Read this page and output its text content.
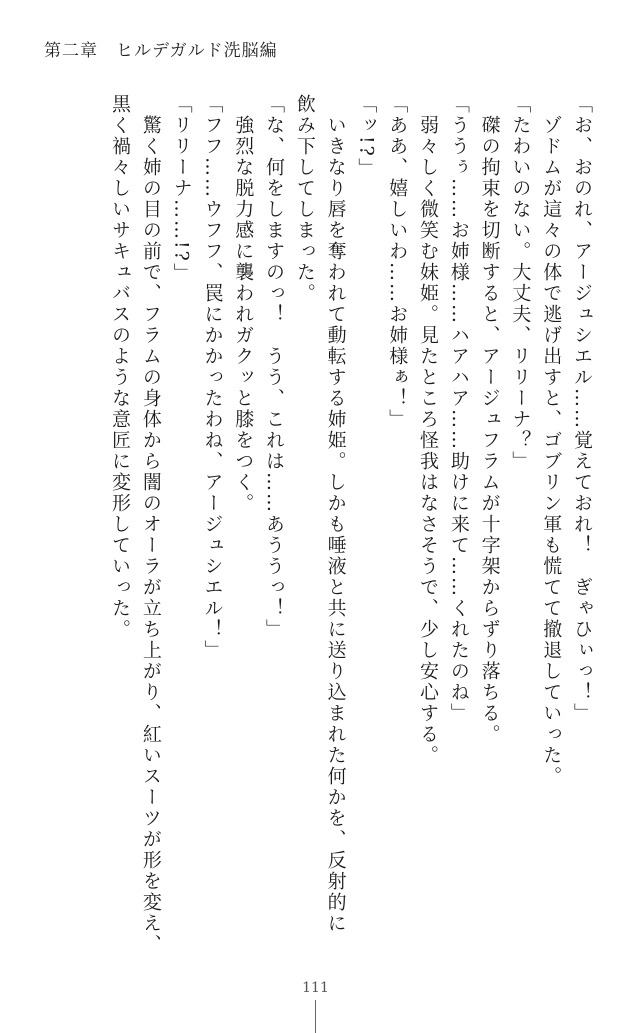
第二章　ヒルデガルド洗脳編

「お、おのれ、アージュシエル……覚えておれ！　ぎゃひぃっ！」

　ゾドムが這々の体で逃げ出すと、ゴブリン軍も慌てて撤退していった。

「たわいのない。大丈夫、リリーナ？」

　磔の拘束を切断すると、アージュフラムが十字架からずり落ちる。

「ううぅ……お姉様……ハアハア……助けに来て……くれたのね」

　弱々しく微笑む妹姫。見たところ怪我はなさそうで、少し安心する。

「ああ、嬉しいわ……お姉様ぁ！」

「ッ!?」

　いきなり唇を奪われて動転する姉姫。しかも唾液と共に送り込まれた何かを、反射的に

飲み下してしまった。

「な、何をしますのっ！　うう、これは……あううっ！」

　強烈な脱力感に襲われガクッと膝をつく。

「フフ……ウフフ、罠にかかったわね、アージュシエル！」

「リリーナ……!?」

　驚く姉の目の前で、フラムの身体から闇のオーラが立ち上がり、紅いスーツが形を変え、

黒く禍々しいサキュバスのような意匠に変形していった。

111
